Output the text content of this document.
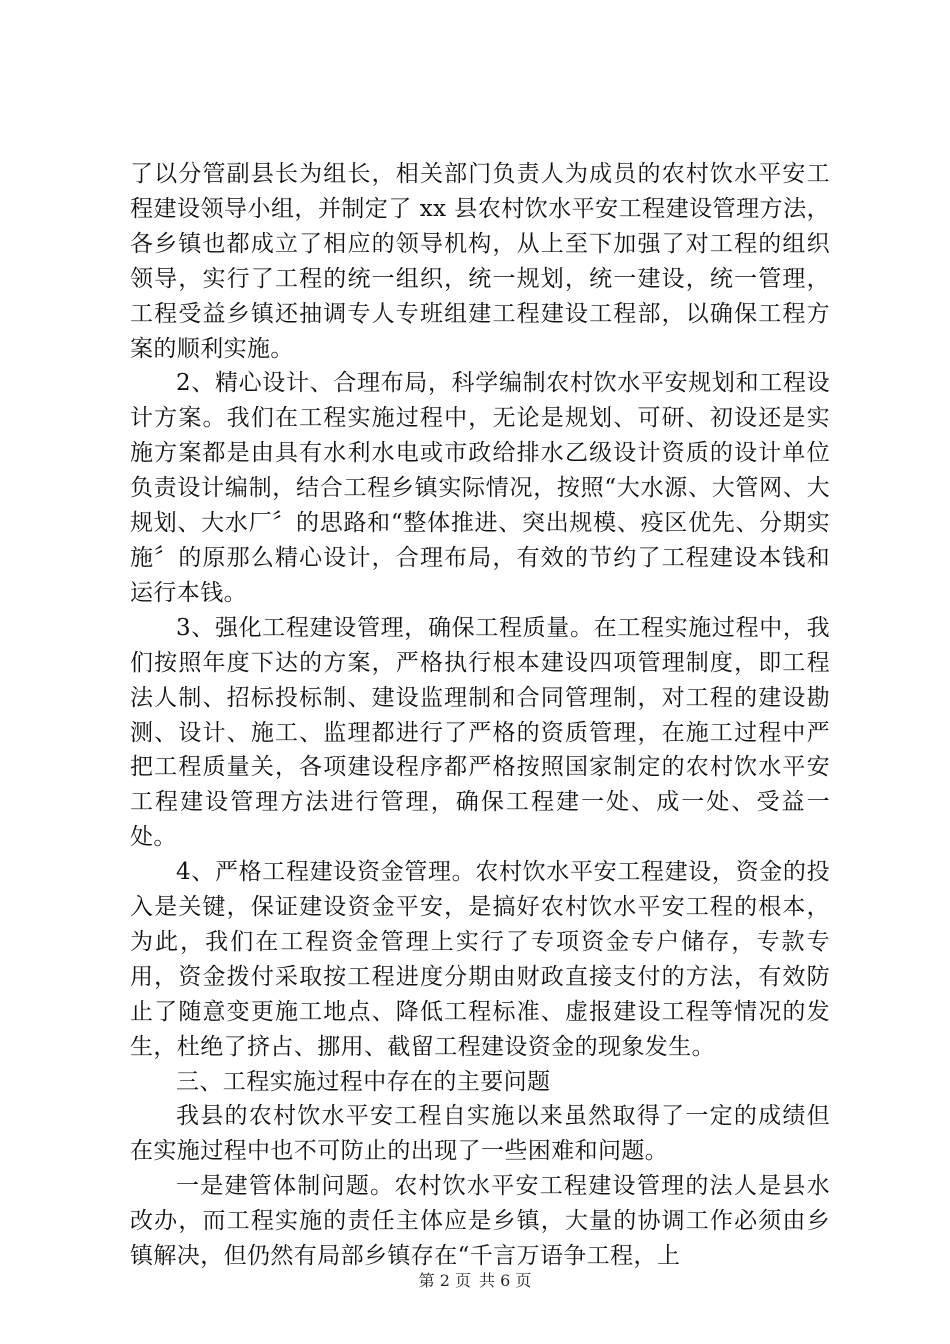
了以分管副县长为组长，相关部门负责人为成员的农村饮水平安工程建设领导小组，并制定了 xx 县农村饮水平安工程建设管理方法，各乡镇也都成立了相应的领导机构，从上至下加强了对工程的组织领导，实行了工程的统一组织，统一规划，统一建设，统一管理，工程受益乡镇还抽调专人专班组建工程建设工程部，以确保工程方案的顺利实施。

2、精心设计、合理布局，科学编制农村饮水平安规划和工程设计方案。我们在工程实施过程中，无论是规划、可研、初设还是实施方案都是由具有水利水电或市政给排水乙级设计资质的设计单位负责设计编制，结合工程乡镇实际情况，按照“大水源、大管网、大规划、大水厂〞的思路和“整体推进、突出规模、疫区优先、分期实施〞的原那么精心设计，合理布局，有效的节约了工程建设本钱和运行本钱。

3、强化工程建设管理，确保工程质量。在工程实施过程中，我们按照年度下达的方案，严格执行根本建设四项管理制度，即工程法人制、招标投标制、建设监理制和合同管理制，对工程的建设勘测、设计、施工、监理都进行了严格的资质管理，在施工过程中严把工程质量关，各项建设程序都严格按照国家制定的农村饮水平安工程建设管理方法进行管理，确保工程建一处、成一处、受益一处。

4、严格工程建设资金管理。农村饮水平安工程建设，资金的投入是关键，保证建设资金平安，是搞好农村饮水平安工程的根本，为此，我们在工程资金管理上实行了专项资金专户储存，专款专用，资金拨付采取按工程进度分期由财政直接支付的方法，有效防止了随意变更施工地点、降低工程标准、虚报建设工程等情况的发生，杜绝了挤占、挪用、截留工程建设资金的现象发生。

三、工程实施过程中存在的主要问题

我县的农村饮水平安工程自实施以来虽然取得了一定的成绩但在实施过程中也不可防止的出现了一些困难和问题。

一是建管体制问题。农村饮水平安工程建设管理的法人是县水改办，而工程实施的责任主体应是乡镇，大量的协调工作必须由乡镇解决，但仍然有局部乡镇存在“千言万语争工程，上

第 2 页 共 6 页
